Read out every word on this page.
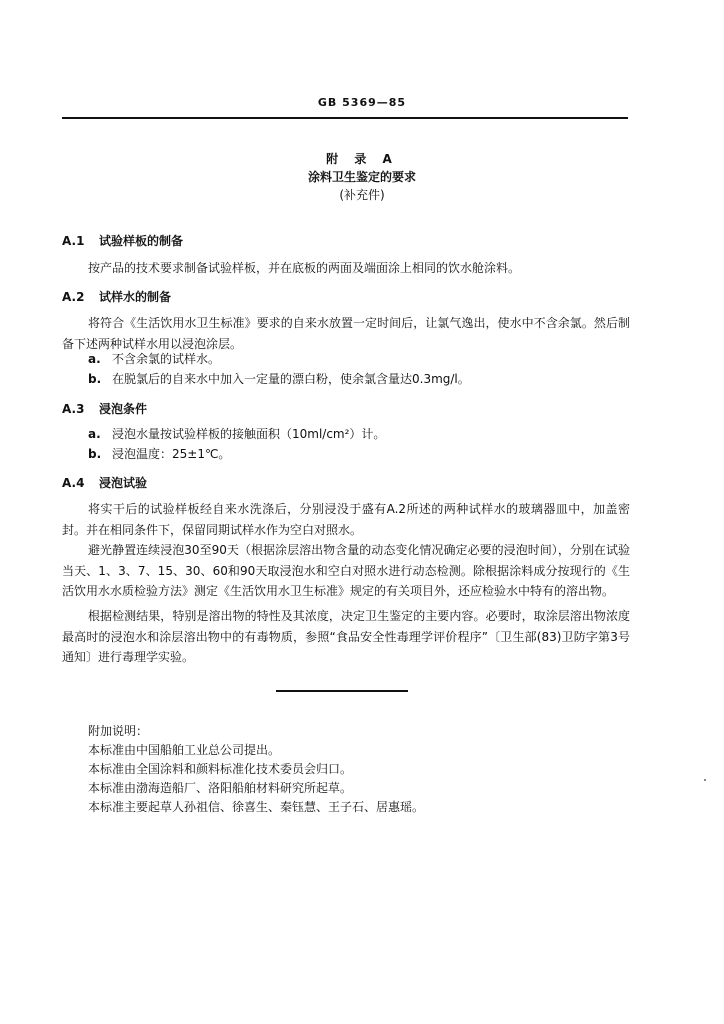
GB 5369—85
附 录 A
涂料卫生鉴定的要求
(补充件)
A.1 试验样板的制备
按产品的技术要求制备试验样板，并在底板的两面及端面涂上相同的饮水舱涂料。
A.2 试样水的制备
将符合《生活饮用水卫生标准》要求的自来水放置一定时间后，让氯气逸出，使水中不含余氯。然后制备下述两种试样水用以浸泡涂层。
a. 不含余氯的试样水。
b. 在脱氯后的自来水中加入一定量的漂白粉，使余氯含量达0.3mg/l。
A.3 浸泡条件
a. 浸泡水量按试验样板的接触面积（10ml/cm²）计。
b. 浸泡温度：25±1℃。
A.4 浸泡试验
将实干后的试验样板经自来水洗涤后，分别浸没于盛有A.2所述的两种试样水的玻璃器皿中，加盖密封。并在相同条件下，保留同期试样水作为空白对照水。
避光静置连续浸泡30至90天（根据涂层溶出物含量的动态变化情况确定必要的浸泡时间），分别在试验当天、1、3、7、15、30、60和90天取浸泡水和空白对照水进行动态检测。除根据涂料成分按现行的《生活饮用水水质检验方法》测定《生活饮用水卫生标准》规定的有关项目外，还应检验水中特有的溶出物。
根据检测结果，特别是溶出物的特性及其浓度，决定卫生鉴定的主要内容。必要时，取涂层溶出物浓度最高时的浸泡水和涂层溶出物中的有毒物质，参照“食品安全性毒理学评价程序”〔卫生部(83)卫防字第3号通知〕进行毒理学实验。
附加说明：
本标准由中国船舶工业总公司提出。
本标准由全国涂料和颜料标准化技术委员会归口。
本标准由渤海造船厂、洛阳船舶材料研究所起草。
本标准主要起草人孙祖信、徐喜生、秦钰慧、王子石、居惠瑶。
